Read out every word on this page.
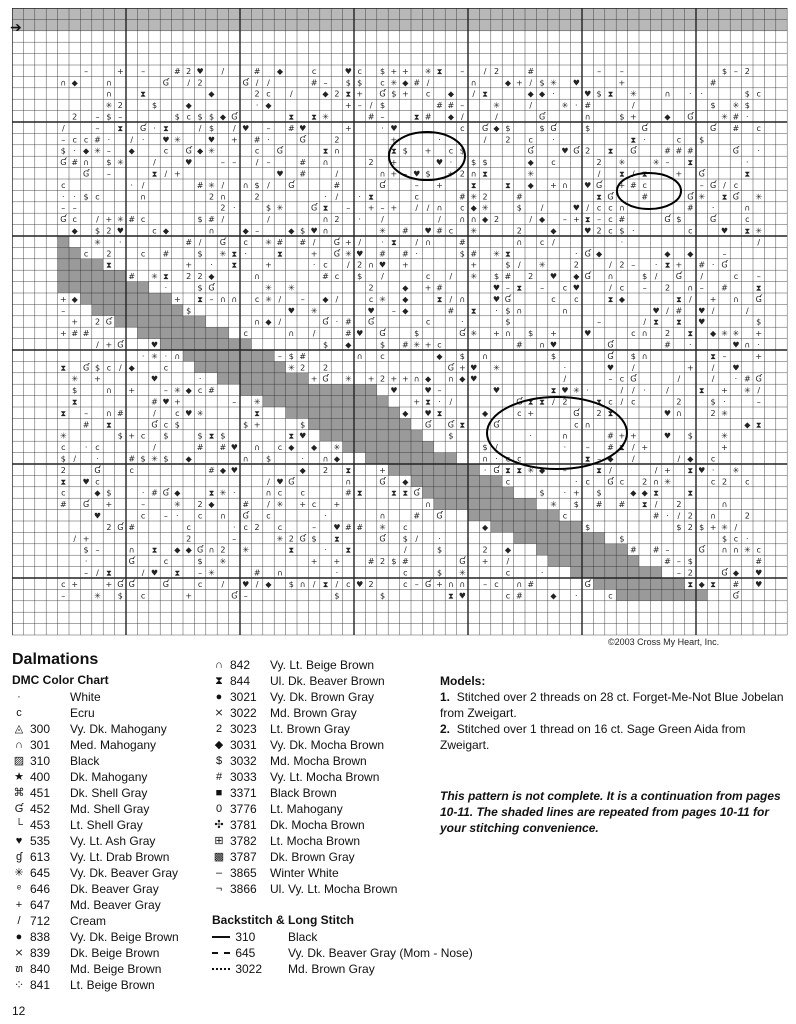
–	+ –	# 2 ♥ /	# ◆	c	♥ c $ + + ✳ ⧗ – / 2	#	– –	$ – 2
∩ ◆	∩	Ɠ / 2	Ɠ / /	# – $ $ c ✳ ◆ # /	∩	◆ + / $ ✳ ♥	+	#
∩	⧗	◆	2 c /	◆ 2 ⧗ + Ɠ $ + c ◆ / ⧗	◆ ◆ ·	♥ $ ⧗ ✳	∩ · ·	$ c
✳ 2	$	◆	· ◆	+ – / $	# # –	✳	/	✳ · #	/	$ ✳ $
2 – $ –	$ c $ $ ◆ Ɠ	⧗ ⧗ ✳	# –	⧗ # ◆ /	/	Ɠ	∩	$ +	◆ Ɠ	✳ # ·
/	– ⧗ Ɠ · ⧗	/ $ / ♥ – # ♥	+	· ♥	c Ɠ ◆ $	$ Ɠ	$	Ɠ	Ɠ # c
– c c # ·	/ · ♥ ✳	♥ + # ·	Ɠ	2	+	·	/ 2 c ·	⧗ ·	c $
$ · ◆ ✳ – ◆	c Ɠ ◆ ✳	c Ɠ	⧗ ∩	⧗ $ + c $	Ɠ	♥ Ɠ 2 ⧗ Ɠ	# # #	Ɠ ·
Ɠ # ∩ $ ✳	/	♥	– – / –	# ∩	2 +	♥ · $ $	◆ c	2 ✳	✳ – ⧗	·
Ɠ –	⧗ / +	♥ #	/	∩ + – ♥ $ + 2 ∩ ⧗	✳	/ ⧗ / ⧗	+ Ɠ	⧗
c	· /	# ✳ / ∩ $ / Ɠ	#	Ɠ	– +	⧗	⧗ ◆ + ∩ ♥ Ɠ + # c	– Ɠ / c
· · $ c	∩	2 ∩	2	· /	· ⧗	c	# ✳ 2	#	⧗ Ɠ	#	Ɠ ✳ ⧗ Ɠ ✳
– –	2 ·	$ ✳	Ɠ ⧗ – + – + / / ∩ c ◆ ✳	$ /	♥ / c c ∩	# ·	∩
Ɠ c / + ✳ # c	$ # /	/	∩ 2 ·	/	/ ∩ ∩ ◆ 2	/ ◆ – + ⧗ – c #	Ɠ $	Ɠ	c
◆ $ 2 ♥	c ◆	∩	◆ –	◆ $ ♥ ∩	✳ # ♥ # c ✳	2	◆	♥ 2 c $ ·	c	♥ ⧗ ✳
✳ ·	# / Ɠ c ✳ # # / Ɠ + /	· ⧗ / ∩	#	∩ c /	·	/
c 2	c #	$ ✳ ⧗ ·	⧗	+ Ɠ ✳ ♥ # # ·	$ # ✳ ⧗	· Ɠ ◆	◆ ◆	–
⧗	+ · ⧗	+	· c / 2 ∩ ♥ +	+	$ / ✳	2	/ 2 – · ⧗ + # · Ɠ
# ✳ ⧗ 2 2 ◆	∩	# c $ /	c / ✳ $ # 2 ♥ ◆ Ɠ ∩	$ / Ɠ /	c –
·	$ Ɠ	✳ ✳	2	◆ + #	♥ – ⧗ – c ♥	/ c – 2 ∩ – #	⧗
+ ◆	+ ⧗ – ∩ ∩ c ✳ / – ◆ /	c ✳ ◆	⧗ / ∩	♥ Ɠ	c c	⧗ ◆	⧗ / + ∩ Ɠ
–	$	♥ ✳	♥ – ◆	# ⧗ · $ ∩	∩	♥ / # ♥ /	/
+ 2 Ɠ	∩ ◆ /	Ɠ · # Ɠ	c	·	$	–	/ ⧗ ⧗ ♥	$
+ # #	c	∩ /	# ♥ Ɠ	$	Ɠ ✳ + ∩ $ +	♥	c ∩ 2 ⧗ ◆ ✳ ✳ +
/ + Ɠ	♥	$ ◆	$ # ✳ + c	# ∩ ♥	Ɠ	# ·	♥ ∩ ·
· ✳ · ∩	– $ #	∩ c	◆ $ ∩	$	Ɠ $ ∩	⧗ –	+
⧗ Ɠ $ c / ◆	c	✳ 2 2	Ɠ + ♥ ✳	·	♥ /	+ / ♥
✳ +	♥	·	+ Ɠ ✳ + 2 + + ∩ ◆ ∩ ◆ ♥	/	– c Ɠ	/	/	· # Ɠ
$	∩ +	– ✳ ◆ c #	♥	♥ –	♥	⧗ ♥ ✳ ·	/ / ·	/	⧗ + ✳ /
⧗	# ♥ +	– ✳	+ ⧗ · /	Ɠ ⧗ ⧗ / 2	⧗ c / c	2	$ ·	–
⧗ – ∩ #	/ c ♥ ✳	⧗	◆ ♥ ⧗	◆	c +	Ɠ 2 ⧗	♥ ∩	2 ✳
# ⧗	Ɠ c $	$ +	$	Ɠ Ɠ ⧗	Ɠ	c ∩	◆ ⧗
✳	$ + c $	$ ⧗ $	⧗ ♥	$	·	∩	# + +	♥ $	✳
c · c	/	# # ♥ ∩ c ◆ ◆ ✳	$ /	· – # ⧗ / +	+
$ /	·	# $ ✳ $ ◆	∩ $	· ∩ ◆	∩ · c c	⧗ – ◆ /	/ ◆ c
2	Ɠ	c	# ◆ ♥	◆ 2 ⧗	+	· Ɠ ⧗ ⧗ ✳ ◆ –	⧗ /	/ + ⧗ ♥ · ✳
⧗ ♥ c	/ ♥ Ɠ	∩	Ɠ ◆	c	· c Ɠ c 2 ∩ ✳	c 2 c
c	◆ $	· # Ɠ ◆	⧗ ✳ ·	∩ c c	# ⧗	⧗ ⧗ Ɠ	$ · + $	◆ ◆ ⧗	⧗
# Ɠ +	–	✳ 2 ◆	# / ✳ + c +	∩	✳ $ # # ⧗ / 2	∩
♥	c – · c ∩ Ɠ c	·	∩	# Ɠ	c	# · / 2 ∩	2
2 Ɠ #	c	· c 2 c	– ♥ # # ✳ c	◆	$	$ 2 $ + ✳ /
/ +	2	–	✳ 2 Ɠ $ ⧗	Ɠ $ /	·	$	$ c ·
$ –	∩ ⧗ ◆ ◆ Ɠ ∩ 2 ✳	⧗	· ⧗	/	$	2 ◆	# # –	Ɠ ∩ ∩ ✳ c
·	Ɠ	c	$ ✳	+ +	# 2 $ #	Ɠ + /	# – $	#
– / ⧗	/ ♥ ⧗ – ✳	# ∩	·	c	$ ✳	c	·	– 2	Ɠ ◆ ♥
c +	+ Ɠ Ɠ	Ɠ	c / ♥ / ◆ $ ∩ / ⧗ / c ♥ 2	c – Ɠ + ∩ ∩ – c ∩ #	Ɠ	⧗ ◆ ⧗ # ♥
–	✳ $ c	+	Ɠ –	$	$	⧗ ♥	c #	◆ ·	c	Ɠ
➔
©2003 Cross My Heart, Inc.
Dalmations
DMC Color Chart
·	White
c	Ecru
◬ 300 Vy. Dk. Mahogany
∩ 301 Med. Mahogany
▨ 310 Black
★ 400 Dk. Mahogany
⌘ 451 Dk. Shell Gray
Ɠ 452 Md. Shell Gray
└ 453 Lt. Shell Gray
♥ 535 Vy. Lt. Ash Gray
ɠ 613 Vy. Lt. Drab Brown
✳ 645 Vy. Dk. Beaver Gray
ᵉ 646 Dk. Beaver Gray
+ 647 Md. Beaver Gray
/ 712 Cream
● 838 Vy. Dk. Beige Brown
⨯ 839 Dk. Beige Brown
ຑ 840 Md. Beige Brown
༶ 841 Lt. Beige Brown
∩ 842 Vy. Lt. Beige Brown
⧗ 844 Ul. Dk. Beaver Brown
● 3021 Vy. Dk. Brown Gray
⨯ 3022 Md. Brown Gray
2 3023 Lt. Brown Gray
◆ 3031 Vy. Dk. Mocha Brown
$ 3032 Md. Mocha Brown
# 3033 Vy. Lt. Mocha Brown
■ 3371 Black Brown
0 3776 Lt. Mahogany
✣ 3781 Dk. Mocha Brown
⊞ 3782 Lt. Mocha Brown
▩ 3787 Dk. Brown Gray
– 3865 Winter White
¬ 3866 Ul. Vy. Lt. Mocha Brown
Backstitch & Long Stitch
310	Black
645	Vy. Dk. Beaver Gray (Mom - Nose)
3022 Md. Brown Gray
Models:

1. Stitched over 2 threads on 28 ct. Forget-Me-Not Blue Jobelan from Zweigart.

2. Stitched over 1 thread on 16 ct. Sage Green Aida from Zweigart.

This pattern is not complete. It is a continuation from pages 10-11. The shaded lines are repeated from pages 10-11 for your stitching convenience.
12
